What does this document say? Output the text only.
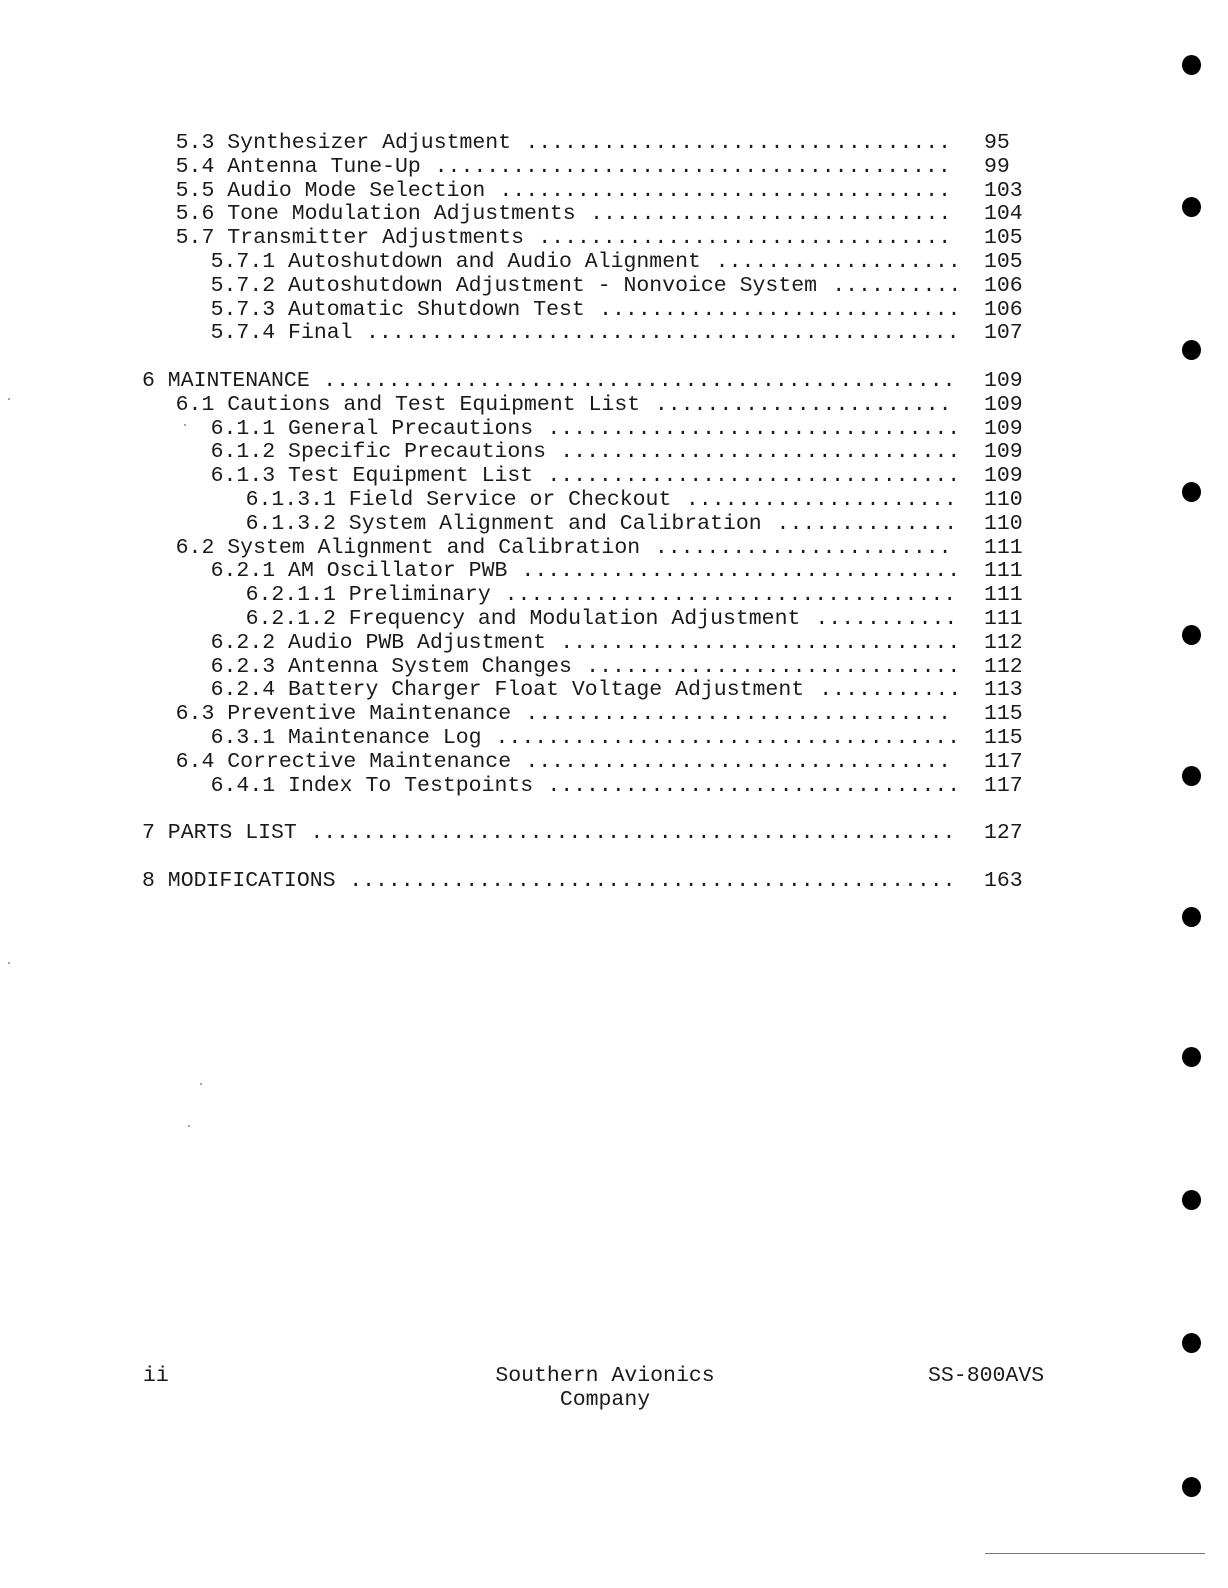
5.3 Synthesizer Adjustment ................................. 95
5.4 Antenna Tune-Up ........................................ 99
5.5 Audio Mode Selection ................................... 103
5.6 Tone Modulation Adjustments ............................ 104
5.7 Transmitter Adjustments ................................ 105
5.7.1 Autoshutdown and Audio Alignment ................... 105
5.7.2 Autoshutdown Adjustment - Nonvoice System .......... 106
5.7.3 Automatic Shutdown Test ............................ 106
5.7.4 Final .............................................. 107
6 MAINTENANCE ................................................. 109
6.1 Cautions and Test Equipment List ....................... 109
6.1.1 General Precautions ................................ 109
6.1.2 Specific Precautions ............................... 109
6.1.3 Test Equipment List ................................ 109
6.1.3.1 Field Service or Checkout ..................... 110
6.1.3.2 System Alignment and Calibration .............. 110
6.2 System Alignment and Calibration ....................... 111
6.2.1 AM Oscillator PWB .................................. 111
6.2.1.1 Preliminary ................................... 111
6.2.1.2 Frequency and Modulation Adjustment ........... 111
6.2.2 Audio PWB Adjustment ............................... 112
6.2.3 Antenna System Changes ............................. 112
6.2.4 Battery Charger Float Voltage Adjustment ........... 113
6.3 Preventive Maintenance ................................. 115
6.3.1 Maintenance Log .................................... 115
6.4 Corrective Maintenance ................................. 117
6.4.1 Index To Testpoints ................................ 117
7 PARTS LIST .................................................. 127
8 MODIFICATIONS ............................................... 163
ii	Southern Avionics
Company
SS-800AVS
